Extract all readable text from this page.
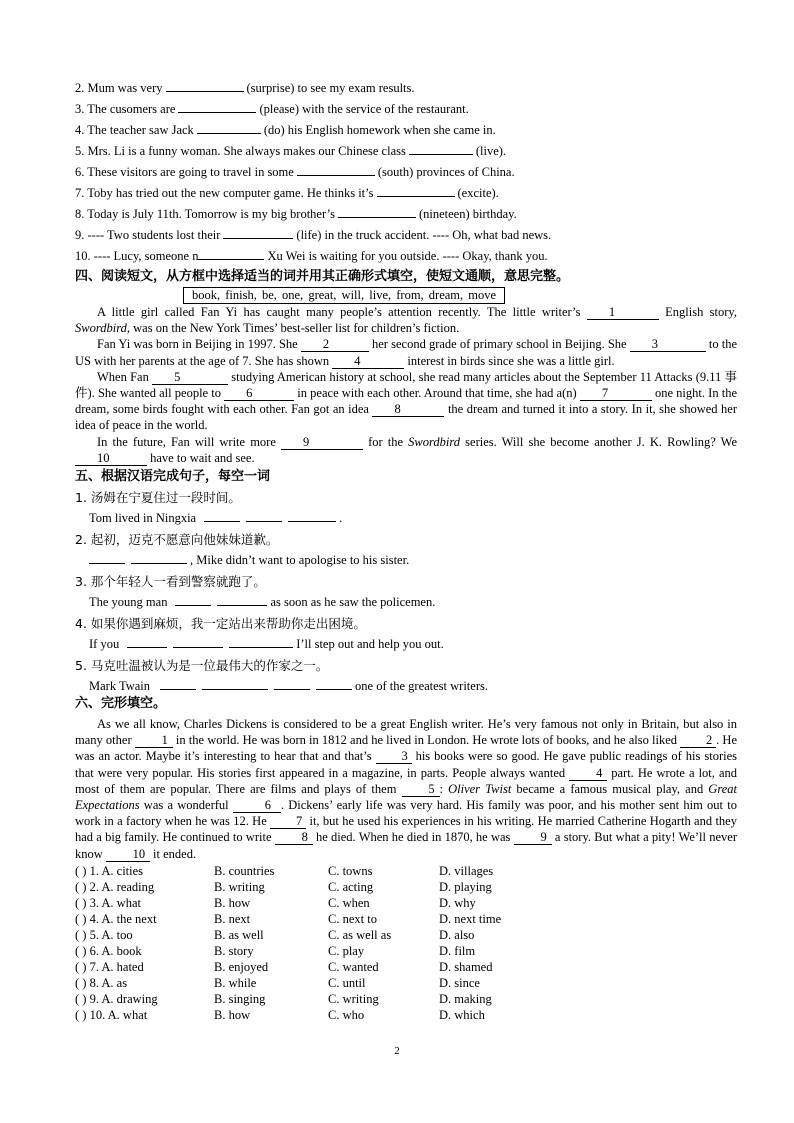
2. Mum was very	(surprise) to see my exam results.
3. The cusomers are	(please) with the service of the restaurant.
4. The teacher saw Jack	(do) his English homework when she came in.
5. Mrs. Li is a funny woman. She always makes our Chinese class	(live).
6. These visitors are going to travel in some	(south) provinces of China.
7. Toby has tried out the new computer game. He thinks it’s	(excite).
8. Today is July 11th. Tomorrow is my big brother’s	(nineteen) birthday.
9. ---- Two students lost their	(life) in the truck accident. ---- Oh, what bad news.
10. ---- Lucy, someone n	Xu Wei is waiting for you outside. ---- Okay, thank you.
四、阅读短文，从方框中选择适当的词并用其正确形式填空，使短文通顺，意思完整。
book, finish, be, one, great, will, live, from, dream, move

A little girl called Fan Yi has caught many people’s attention recently. The little writer’s 1	English story, Swordbird, was on the New York Times’ best-seller list for children’s fiction.

Fan Yi was born in Beijing in 1997. She 2	her second grade of primary school in Beijing. She 3	to the US with her parents at the age of 7. She has shown 4	interest in birds since she was a little girl.

When Fan 5	studying American history at school, she read many articles about the September 11 Attacks (9.11 事件). She wanted all people to 6	in peace with each other. Around that time, she had a(n) 7	one night. In the dream, some birds fought with each other. Fan got an idea 8	the dream and turned it into a story. In it, she showed her idea of peace in the world.

In the future, Fan will write more 9	for the Swordbird series. Will she become another J. K. Rowling? We 10	have to wait and see.

五、根据汉语完成句子，每空一词
1. 汤姆在宁夏住过一段时间。
Tom lived in Ningxia	.
2. 起初，迈克不愿意向他妹妹道歉。
, Mike didn’t want to apologise to his sister.
3. 那个年轻人一看到警察就跑了。
The young man	as soon as he saw the policemen.
4. 如果你遇到麻烦，我一定站出来帮助你走出困境。
If you	I’ll step out and help you out.
5. 马克吐温被认为是一位最伟大的作家之一。
Mark Twain	one of the greatest writers.
六、完形填空。

As we all know, Charles Dickens is considered to be a great English writer. He’s very famous not only in Britain, but also in many other 1 in the world. He was born in 1812 and he lived in London. He wrote lots of books, and he also liked 2 . He was an actor. Maybe it’s interesting to hear that and that’s 3 his books were so good. He gave public readings of his stories that were very popular. His stories first appeared in a magazine, in parts. People always wanted 4 part. He wrote a lot, and most of them are popular. There are films and plays of them 5 : Oliver Twist became a famous musical play, and Great Expectations was a wonderful	6 . Dickens’ early life was very hard. His family was poor, and his mother sent him out to work in a factory when he was 12. He 7 it, but he used his experiences in his writing. He married Catherine Hogarth and they had a big family. He continued to write 8 he died. When he died in 1870, he was 9 a story. But what a pity! We’ll never know 10 it ended.

( ) 1. A. cities	B. countries	C. towns	D. villages
( ) 2. A. reading	B. writing	C. acting	D. playing
( ) 3. A. what	B. how	C. when	D. why
( ) 4. A. the next	B. next	C. next to	D. next time
( ) 5. A. too	B. as well	C. as well as	D. also
( ) 6. A. book	B. story	C. play	D. film
( ) 7. A. hated	B. enjoyed	C. wanted	D. shamed
( ) 8. A. as	B. while	C. until	D. since
( ) 9. A. drawing	B. singing	C. writing	D. making
( ) 10. A. what	B. how	C. who	D. which
2
